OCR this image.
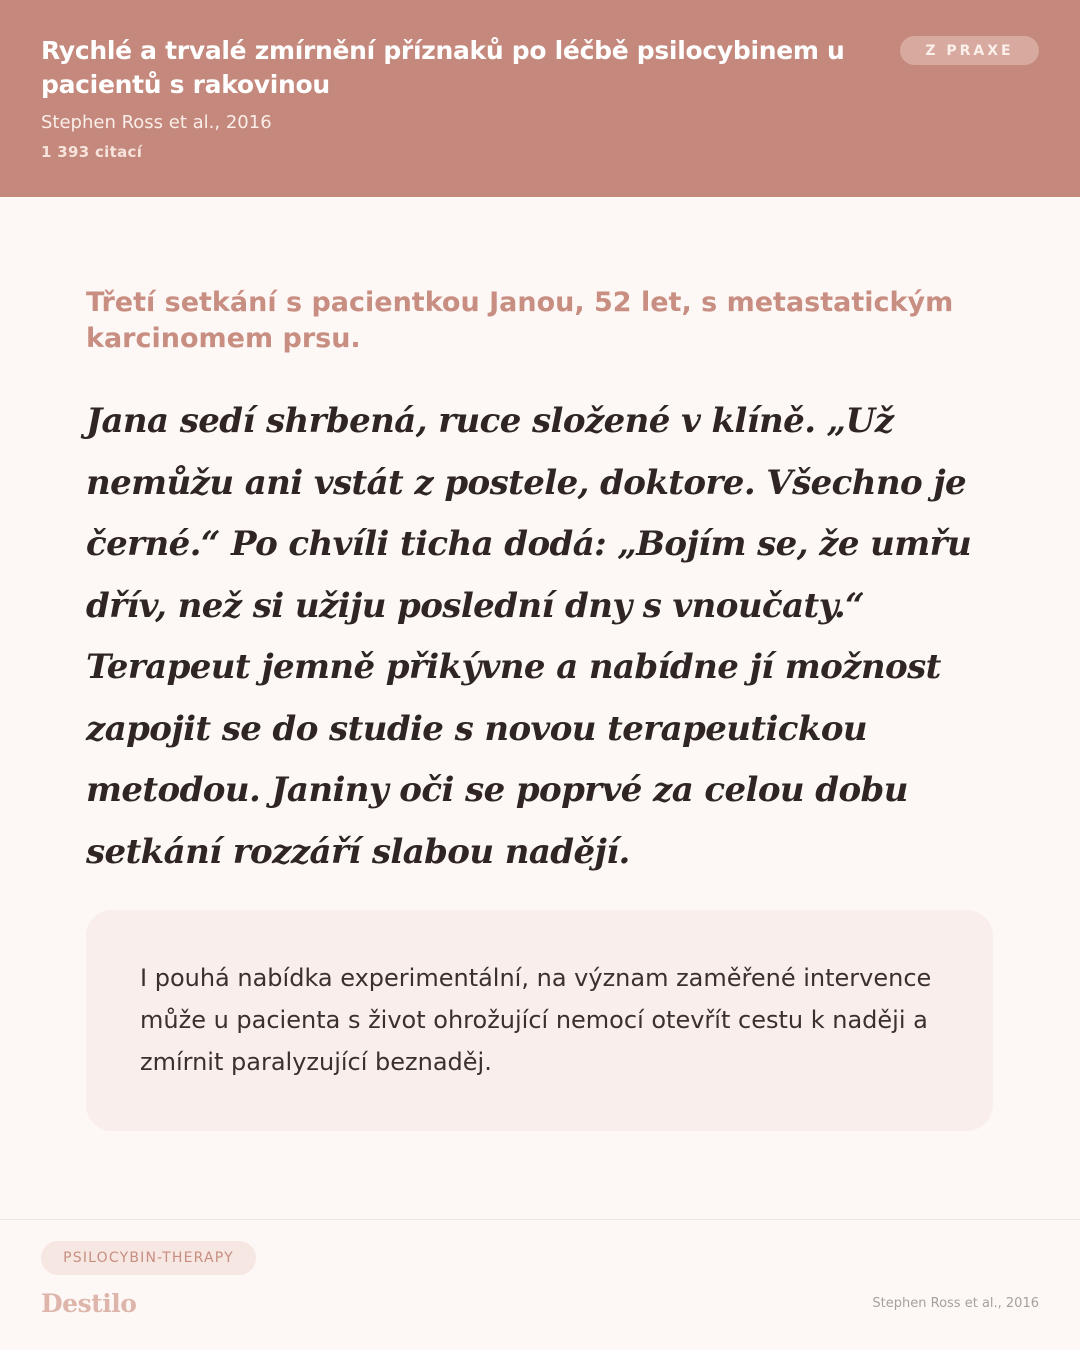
Rychlé a trvalé zmírnění příznaků po léčbě psilocybinem u pacientů s rakovinou
Stephen Ross et al., 2016
1 393 citací
Z PRAXE

Třetí setkání s pacientkou Janou, 52 let, s metastatickým karcinomem prsu.

Jana sedí shrbená, ruce složené v klíně. „Už nemůžu ani vstát z postele, doktore. Všechno je černé.“ Po chvíli ticha dodá: „Bojím se, že umřu dřív, než si užiju poslední dny s vnoučaty.“ Terapeut jemně přikývne a nabídne jí možnost zapojit se do studie s novou terapeutickou metodou. Janiny oči se poprvé za celou dobu setkání rozzáří slabou nadějí.

I pouhá nabídka experimentální, na význam zaměřené intervence může u pacienta s život ohrožující nemocí otevřít cestu k naději a zmírnit paralyzující beznaděj.

PSILOCYBIN-THERAPY
Destilo	Stephen Ross et al., 2016
